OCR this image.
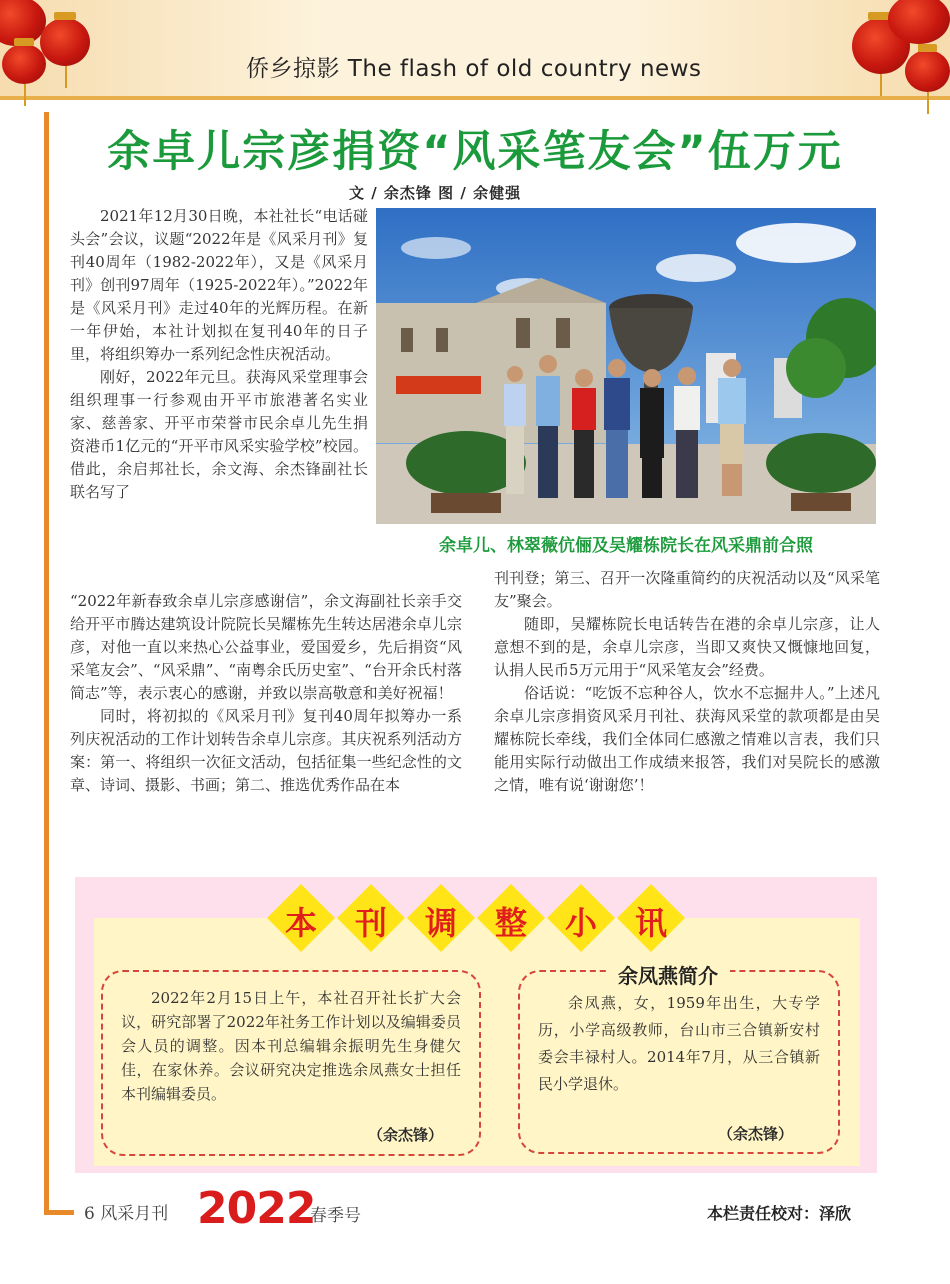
侨乡掠影 The flash of old country news
余卓儿宗彦捐资“风采笔友会”伍万元
文 / 余杰锋 图 / 余健强
余卓儿、林翠薇伉俪及吴耀栋院长在风采鼎前合照

2021年12月30日晚，本社社长“电话碰头会”会议，议题“2022年是《风采月刊》复刊40周年（1982-2022年），又是《风采月刊》创刊97周年（1925-2022年）。”2022年是《风采月刊》走过40年的光辉历程。在新一年伊始，本社计划拟在复刊40年的日子里，将组织筹办一系列纪念性庆祝活动。

刚好，2022年元旦。获海风采堂理事会组织理事一行参观由开平市旅港著名实业家、慈善家、开平市荣誉市民余卓儿先生捐资港币1亿元的“开平市风采实验学校”校园。借此，余启邦社长，余文海、余杰锋副社长联名写了

“2022年新春致余卓儿宗彦感谢信”，余文海副社长亲手交给开平市腾达建筑设计院院长吴耀栋先生转达居港余卓儿宗彦，对他一直以来热心公益事业，爱国爱乡，先后捐资“风采笔友会”、“风采鼎”、“南粤余氏历史室”、“台开余氏村落简志”等，表示衷心的感谢，并致以崇高敬意和美好祝福！

同时，将初拟的《风采月刊》复刊40周年拟筹办一系列庆祝活动的工作计划转告余卓儿宗彦。其庆祝系列活动方案：第一、将组织一次征文活动，包括征集一些纪念性的文章、诗词、摄影、书画；第二、推选优秀作品在本

刊刊登；第三、召开一次隆重简约的庆祝活动以及“风采笔友”聚会。

随即，吴耀栋院长电话转告在港的余卓儿宗彦，让人意想不到的是，余卓儿宗彦，当即又爽快又慨慷地回复，认捐人民币5万元用于“风采笔友会”经费。

俗话说：“吃饭不忘种谷人，饮水不忘掘井人。”上述凡余卓儿宗彦捐资风采月刊社、获海风采堂的款项都是由吴耀栋院长牵线，我们全体同仁感激之情难以言表，我们只能用实际行动做出工作成绩来报答，我们对吴院长的感激之情，唯有说‘谢谢您’！

本	刊	调	整	小	讯

2022年2月15日上午，本社召开社长扩大会议，研究部署了2022年社务工作计划以及编辑委员会人员的调整。因本刊总编辑余振明先生身健欠佳，在家休养。会议研究决定推选余凤燕女士担任本刊编辑委员。

（余杰锋）

余凤燕，女，1959年出生，大专学历，小学高级教师，台山市三合镇新安村委会丰禄村人。2014年7月，从三合镇新民小学退休。

余凤燕简介
（余杰锋）
6 风采月刊 2022
春季号	本栏责任校对：泽欣
